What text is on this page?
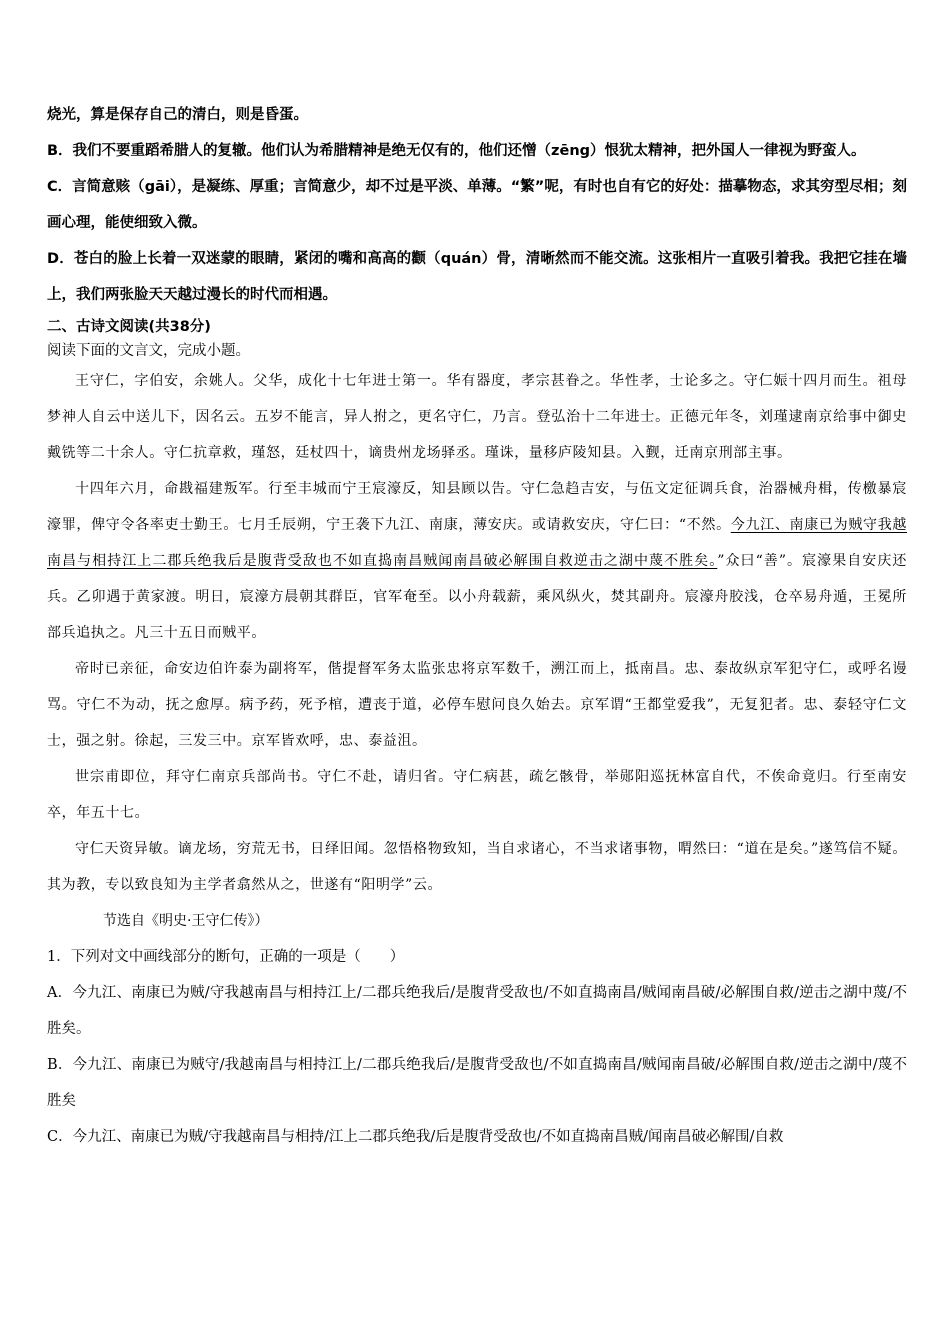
烧光，算是保存自己的清白，则是昏蛋。

B．我们不要重蹈希腊人的复辙。他们认为希腊精神是绝无仅有的，他们还憎（zēng）恨犹太精神，把外国人一律视为野蛮人。

C．言简意赅（gāi），是凝练、厚重；言简意少，却不过是平淡、单薄。“繁”呢，有时也自有它的好处：描摹物态，求其穷型尽相；刻画心理，能使细致入微。

D．苍白的脸上长着一双迷蒙的眼睛，紧闭的嘴和高高的颧（quán）骨，清晰然而不能交流。这张相片一直吸引着我。我把它挂在墙上，我们两张脸天天越过漫长的时代而相遇。

二、古诗文阅读(共38分)

阅读下面的文言文，完成小题。

王守仁，字伯安，余姚人。父华，成化十七年进士第一。华有器度，孝宗甚眷之。华性孝，士论多之。守仁娠十四月而生。祖母梦神人自云中送儿下，因名云。五岁不能言，异人拊之，更名守仁，乃言。登弘治十二年进士。正德元年冬，刘瑾逮南京给事中御史戴铣等二十余人。守仁抗章救，瑾怒，廷杖四十，谪贵州龙场驿丞。瑾诛，量移庐陵知县。入觐，迁南京刑部主事。

十四年六月，命戡福建叛军。行至丰城而宁王宸濠反，知县顾以告。守仁急趋吉安，与伍文定征调兵食，治器械舟楫，传檄暴宸濠罪，俾守令各率吏士勤王。七月壬辰朔，宁王袭下九江、南康，薄安庆。或请救安庆，守仁曰：“不然。今九江、南康已为贼守我越南昌与相持江上二郡兵绝我后是腹背受敌也不如直捣南昌贼闻南昌破必解围自救逆击之湖中蔑不胜矣。”众曰“善”。宸濠果自安庆还兵。乙卯遇于黄家渡。明日，宸濠方晨朝其群臣，官军奄至。以小舟载薪，乘风纵火，焚其副舟。宸濠舟胶浅，仓卒易舟遁，王冕所部兵追执之。凡三十五日而贼平。

帝时已亲征，命安边伯许泰为副将军，偕提督军务太监张忠将京军数千，溯江而上，抵南昌。忠、泰故纵京军犯守仁，或呼名谩骂。守仁不为动，抚之愈厚。病予药，死予棺，遭丧于道，必停车慰问良久始去。京军谓“王都堂爱我”，无复犯者。忠、泰轻守仁文士，强之射。徐起，三发三中。京军皆欢呼，忠、泰益沮。

世宗甫即位，拜守仁南京兵部尚书。守仁不赴，请归省。守仁病甚，疏乞骸骨，举郧阳巡抚林富自代，不俟命竟归。行至南安卒，年五十七。

守仁天资异敏。谪龙场，穷荒无书，日绎旧闻。忽悟格物致知，当自求诸心，不当求诸事物，喟然曰：“道在是矣。”遂笃信不疑。其为教，专以致良知为主学者翕然从之，世遂有“阳明学”云。

节选自《明史·王守仁传》）

1．下列对文中画线部分的断句，正确的一项是（　　）

A．今九江、南康已为贼/守我越南昌与相持江上/二郡兵绝我后/是腹背受敌也/不如直捣南昌/贼闻南昌破/必解围自救/逆击之湖中蔑/不胜矣。

B．今九江、南康已为贼守/我越南昌与相持江上/二郡兵绝我后/是腹背受敌也/不如直捣南昌/贼闻南昌破/必解围自救/逆击之湖中/蔑不胜矣

C．今九江、南康已为贼/守我越南昌与相持/江上二郡兵绝我/后是腹背受敌也/不如直捣南昌贼/闻南昌破必解围/自救
